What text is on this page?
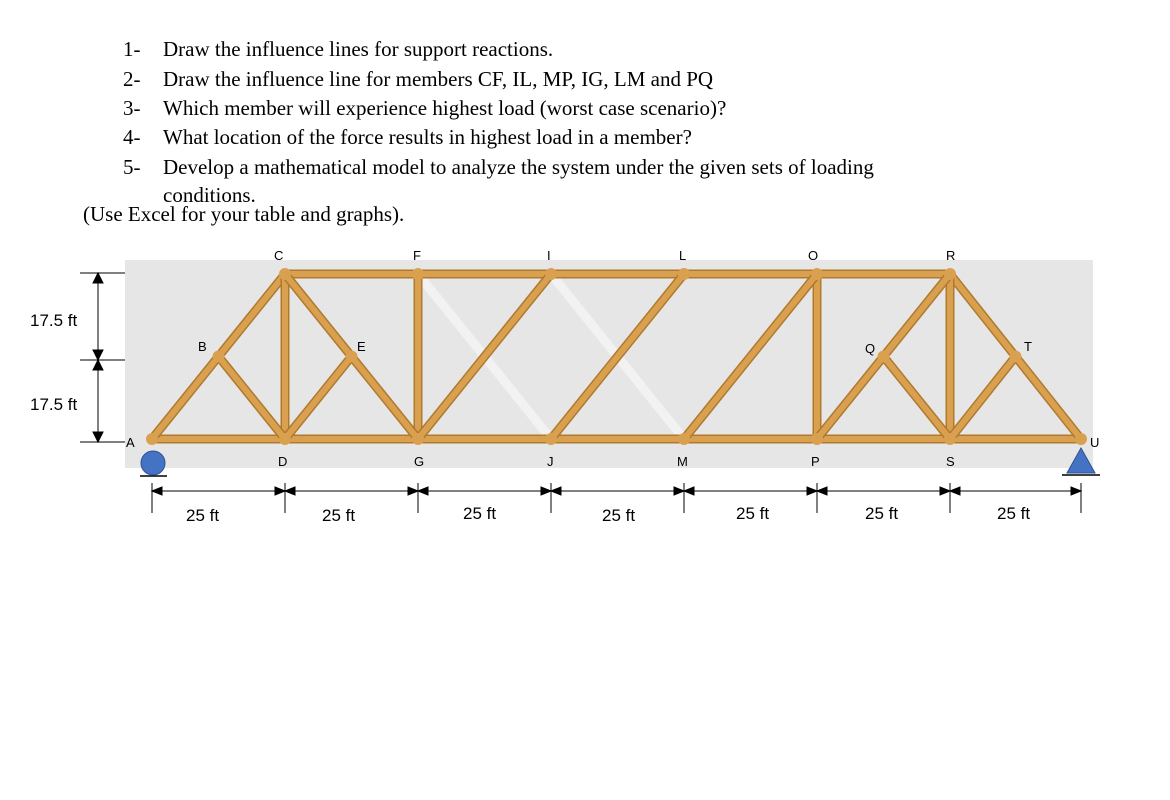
1- Draw the influence lines for support reactions.
2- Draw the influence line for members CF, IL, MP, IG, LM and PQ
3- Which member will experience highest load (worst case scenario)?
4- What location of the force results in highest load in a member?
5- Develop a mathematical model to analyze the system under the given sets of loading
conditions.
(Use Excel for your table and graphs).
17.5 ft
17.5 ft
25 ft	25 ft	25 ft	25 ft	25 ft	25 ft	25 ft
C	F	I	L	O	R
A
D	G	J	M	P	S
U
B	E	Q	T
